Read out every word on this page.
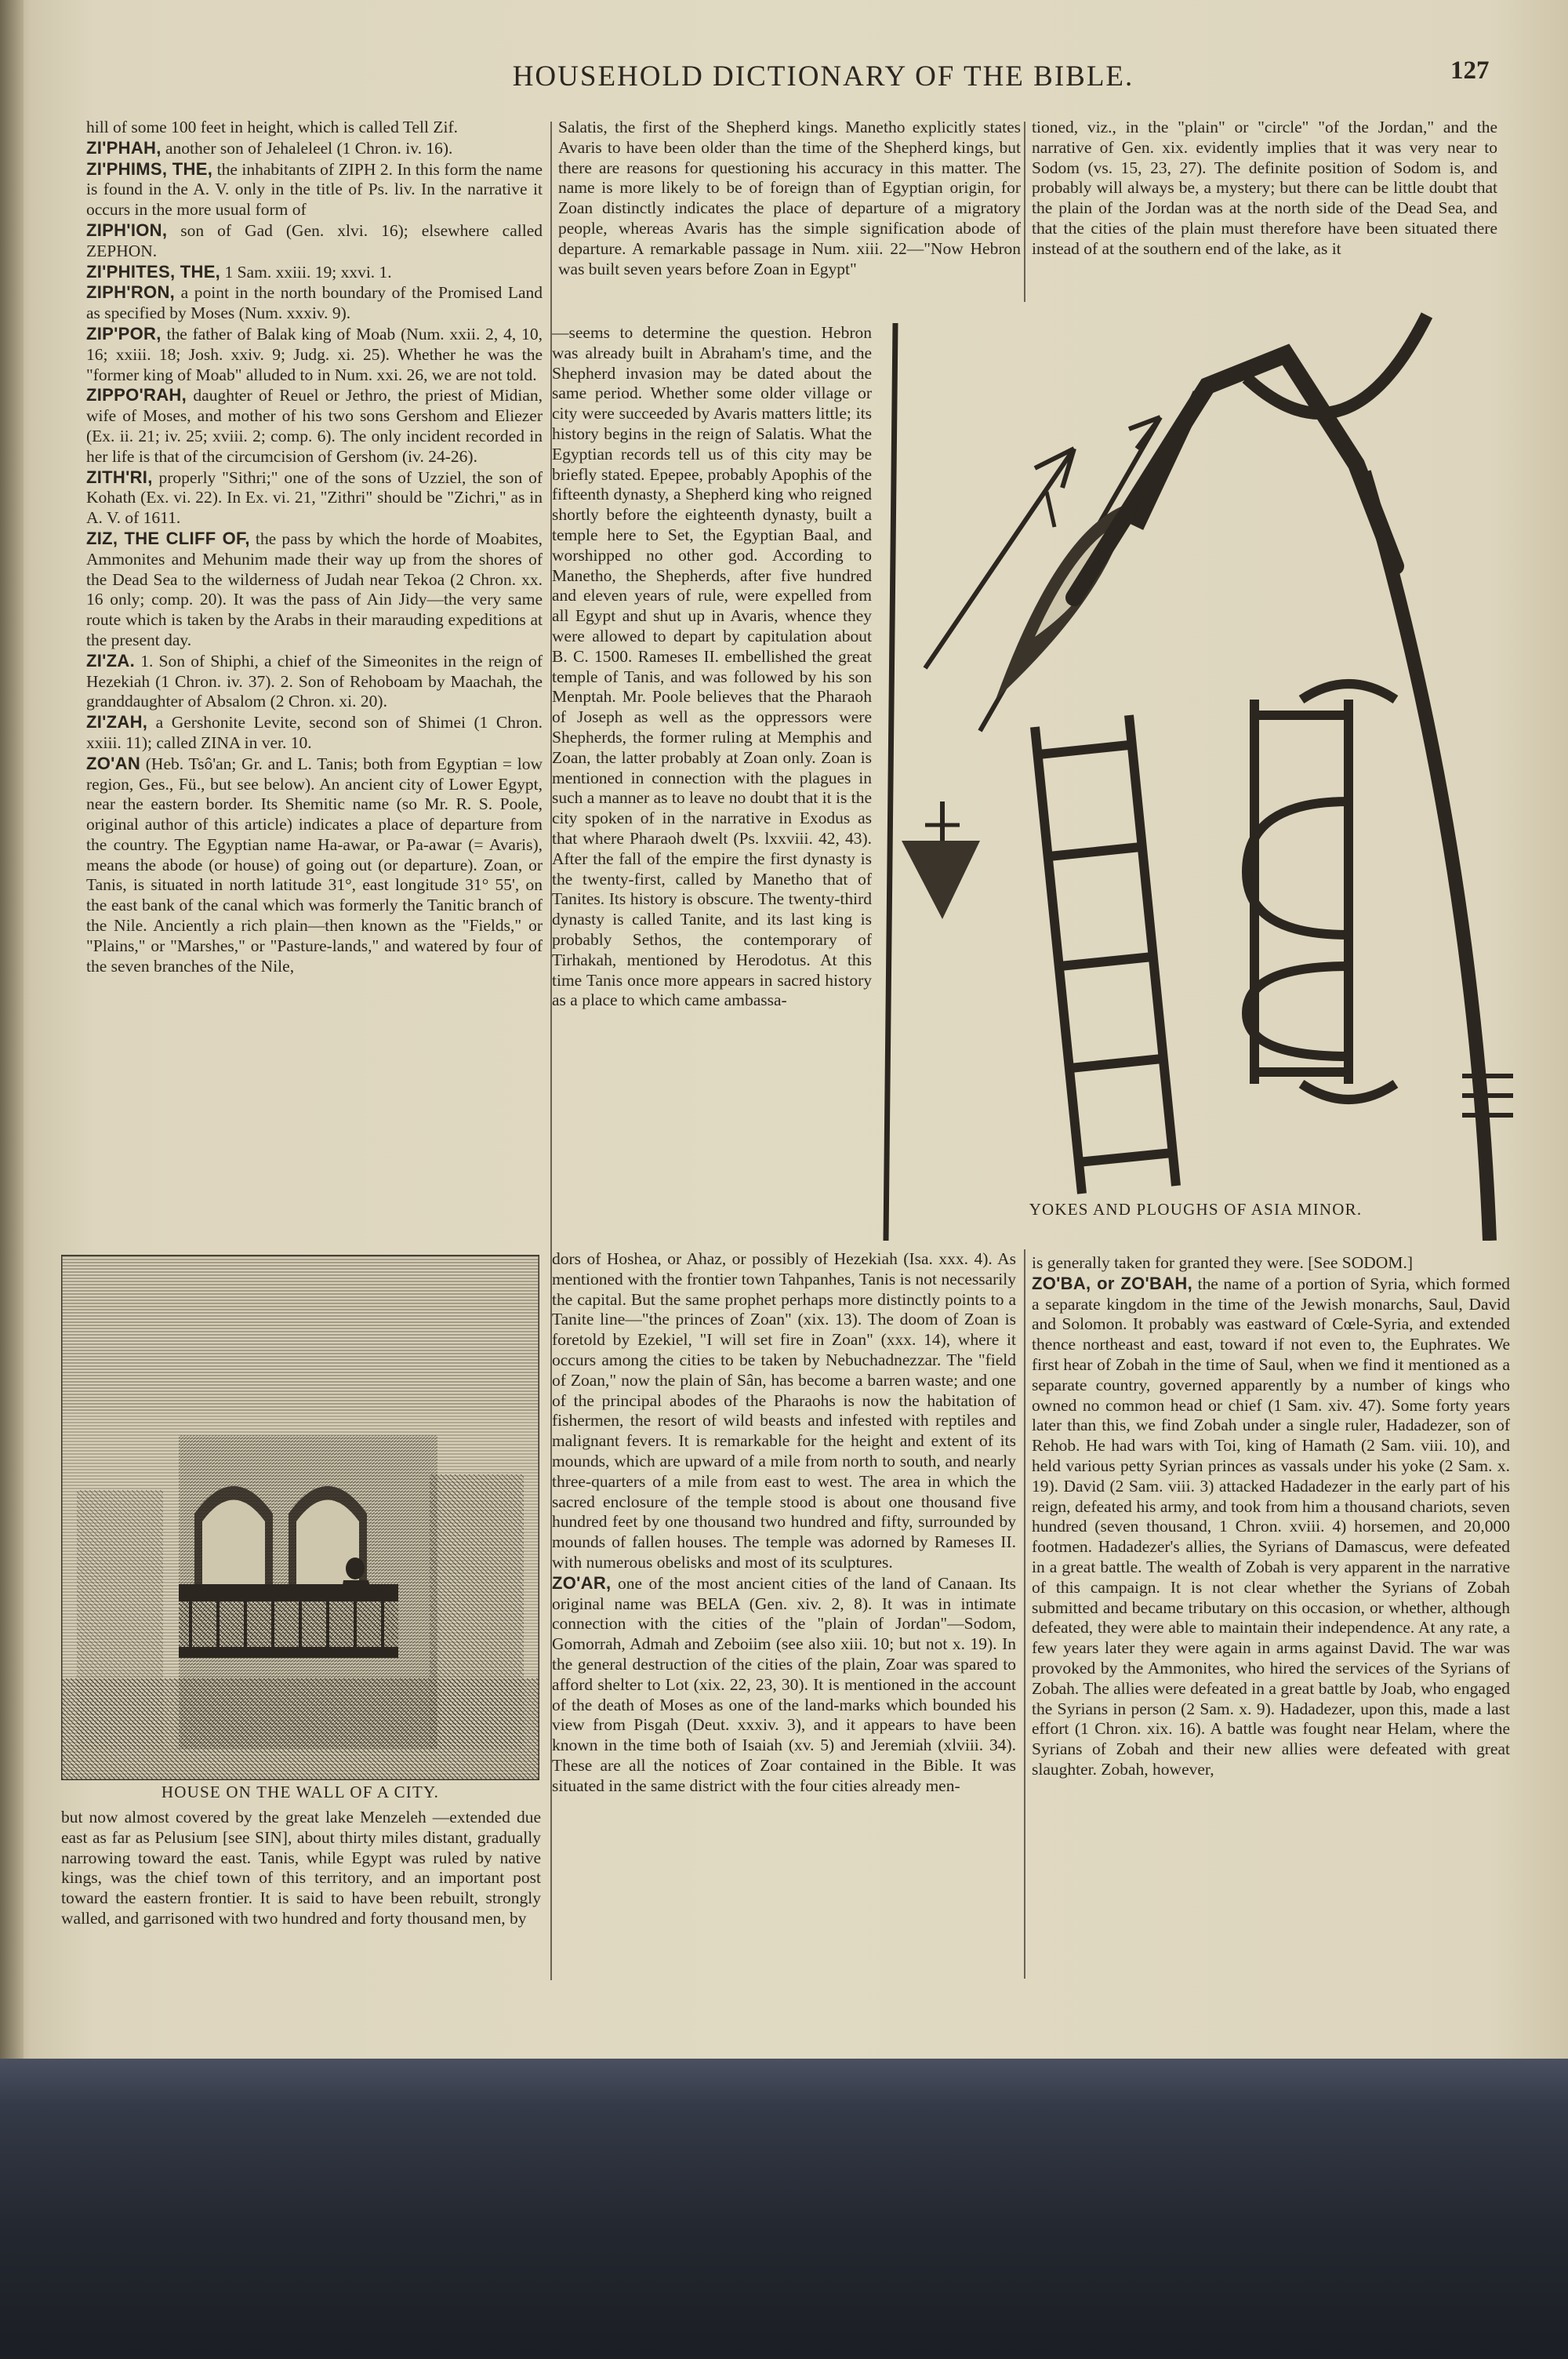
HOUSEHOLD DICTIONARY OF THE BIBLE.	127

hill of some 100 feet in height, which is called Tell Zif.

ZI'PHAH, another son of Jehaleleel (1 Chron. iv. 16).

ZI'PHIMS, THE, the inhabitants of ZIPH 2. In this form the name is found in the A. V. only in the title of Ps. liv. In the narrative it occurs in the more usual form of

ZIPH'ION, son of Gad (Gen. xlvi. 16); elsewhere called ZEPHON.

ZI'PHITES, THE, 1 Sam. xxiii. 19; xxvi. 1.

ZIPH'RON, a point in the north boundary of the Promised Land as specified by Moses (Num. xxxiv. 9).

ZIP'POR, the father of Balak king of Moab (Num. xxii. 2, 4, 10, 16; xxiii. 18; Josh. xxiv. 9; Judg. xi. 25). Whether he was the "former king of Moab" alluded to in Num. xxi. 26, we are not told.

ZIPPO'RAH, daughter of Reuel or Jethro, the priest of Midian, wife of Moses, and mother of his two sons Gershom and Eliezer (Ex. ii. 21; iv. 25; xviii. 2; comp. 6). The only incident recorded in her life is that of the circumcision of Gershom (iv. 24-26).

ZITH'RI, properly "Sithri;" one of the sons of Uzziel, the son of Kohath (Ex. vi. 22). In Ex. vi. 21, "Zithri" should be "Zichri," as in A. V. of 1611.

ZIZ, THE CLIFF OF, the pass by which the horde of Moabites, Ammonites and Mehunim made their way up from the shores of the Dead Sea to the wilderness of Judah near Tekoa (2 Chron. xx. 16 only; comp. 20). It was the pass of Ain Jidy—the very same route which is taken by the Arabs in their marauding expeditions at the present day.

ZI'ZA. 1. Son of Shiphi, a chief of the Simeonites in the reign of Hezekiah (1 Chron. iv. 37). 2. Son of Rehoboam by Maachah, the granddaughter of Absalom (2 Chron. xi. 20).

ZI'ZAH, a Gershonite Levite, second son of Shimei (1 Chron. xxiii. 11); called ZINA in ver. 10.

ZO'AN (Heb. Tsô'an; Gr. and L. Tanis; both from Egyptian = low region, Ges., Fü., but see below). An ancient city of Lower Egypt, near the eastern border. Its Shemitic name (so Mr. R. S. Poole, original author of this article) indicates a place of departure from the country. The Egyptian name Ha-awar, or Pa-awar (= Avaris), means the abode (or house) of going out (or departure). Zoan, or Tanis, is situated in north latitude 31°, east longitude 31° 55', on the east bank of the canal which was formerly the Tanitic branch of the Nile. Anciently a rich plain—then known as the "Fields," or "Plains," or "Marshes," or "Pasture-lands," and watered by four of the seven branches of the Nile,

HOUSE ON THE WALL OF A CITY.

but now almost covered by the great lake Menzeleh —extended due east as far as Pelusium [see SIN], about thirty miles distant, gradually narrowing toward the east. Tanis, while Egypt was ruled by native kings, was the chief town of this territory, and an important post toward the eastern frontier. It is said to have been rebuilt, strongly walled, and garrisoned with two hundred and forty thousand men, by

Salatis, the first of the Shepherd kings. Manetho explicitly states Avaris to have been older than the time of the Shepherd kings, but there are reasons for questioning his accuracy in this matter. The name is more likely to be of foreign than of Egyptian origin, for Zoan distinctly indicates the place of departure of a migratory people, whereas Avaris has the simple signification abode of departure. A remarkable passage in Num. xiii. 22—"Now Hebron was built seven years before Zoan in Egypt"

—seems to determine the question. Hebron was already built in Abraham's time, and the Shepherd invasion may be dated about the same period. Whether some older village or city were succeeded by Avaris matters little; its history begins in the reign of Salatis. What the Egyptian records tell us of this city may be briefly stated. Epepee, probably Apophis of the fifteenth dynasty, a Shepherd king who reigned shortly before the eighteenth dynasty, built a temple here to Set, the Egyptian Baal, and worshipped no other god. According to Manetho, the Shepherds, after five hundred and eleven years of rule, were expelled from all Egypt and shut up in Avaris, whence they were allowed to depart by capitulation about B. C. 1500. Rameses II. embellished the great temple of Tanis, and was followed by his son Menptah. Mr. Poole believes that the Pharaoh of Joseph as well as the oppressors were Shepherds, the former ruling at Memphis and Zoan, the latter probably at Zoan only. Zoan is mentioned in connection with the plagues in such a manner as to leave no doubt that it is the city spoken of in the narrative in Exodus as that where Pharaoh dwelt (Ps. lxxviii. 42, 43). After the fall of the empire the first dynasty is the twenty-first, called by Manetho that of Tanites. Its history is obscure. The twenty-third dynasty is called Tanite, and its last king is probably Sethos, the contemporary of Tirhakah, mentioned by Herodotus. At this time Tanis once more appears in sacred history as a place to which came ambassa-

YOKES AND PLOUGHS OF ASIA MINOR.

dors of Hoshea, or Ahaz, or possibly of Hezekiah (Isa. xxx. 4). As mentioned with the frontier town Tahpanhes, Tanis is not necessarily the capital. But the same prophet perhaps more distinctly points to a Tanite line—"the princes of Zoan" (xix. 13). The doom of Zoan is foretold by Ezekiel, "I will set fire in Zoan" (xxx. 14), where it occurs among the cities to be taken by Nebuchadnezzar. The "field of Zoan," now the plain of Sân, has become a barren waste; and one of the principal abodes of the Pharaohs is now the habitation of fishermen, the resort of wild beasts and infested with reptiles and malignant fevers. It is remarkable for the height and extent of its mounds, which are upward of a mile from north to south, and nearly three-quarters of a mile from east to west. The area in which the sacred enclosure of the temple stood is about one thousand five hundred feet by one thousand two hundred and fifty, surrounded by mounds of fallen houses. The temple was adorned by Rameses II. with numerous obelisks and most of its sculptures.

ZO'AR, one of the most ancient cities of the land of Canaan. Its original name was BELA (Gen. xiv. 2, 8). It was in intimate connection with the cities of the "plain of Jordan"—Sodom, Gomorrah, Admah and Zeboiim (see also xiii. 10; but not x. 19). In the general destruction of the cities of the plain, Zoar was spared to afford shelter to Lot (xix. 22, 23, 30). It is mentioned in the account of the death of Moses as one of the land-marks which bounded his view from Pisgah (Deut. xxxiv. 3), and it appears to have been known in the time both of Isaiah (xv. 5) and Jeremiah (xlviii. 34). These are all the notices of Zoar contained in the Bible. It was situated in the same district with the four cities already men-

tioned, viz., in the "plain" or "circle" "of the Jordan," and the narrative of Gen. xix. evidently implies that it was very near to Sodom (vs. 15, 23, 27). The definite position of Sodom is, and probably will always be, a mystery; but there can be little doubt that the plain of the Jordan was at the north side of the Dead Sea, and that the cities of the plain must therefore have been situated there instead of at the southern end of the lake, as it

is generally taken for granted they were. [See SODOM.]

ZO'BA, or ZO'BAH, the name of a portion of Syria, which formed a separate kingdom in the time of the Jewish monarchs, Saul, David and Solomon. It probably was eastward of Cœle-Syria, and extended thence northeast and east, toward if not even to, the Euphrates. We first hear of Zobah in the time of Saul, when we find it mentioned as a separate country, governed apparently by a number of kings who owned no common head or chief (1 Sam. xiv. 47). Some forty years later than this, we find Zobah under a single ruler, Hadadezer, son of Rehob. He had wars with Toi, king of Hamath (2 Sam. viii. 10), and held various petty Syrian princes as vassals under his yoke (2 Sam. x. 19). David (2 Sam. viii. 3) attacked Hadadezer in the early part of his reign, defeated his army, and took from him a thousand chariots, seven hundred (seven thousand, 1 Chron. xviii. 4) horsemen, and 20,000 footmen. Hadadezer's allies, the Syrians of Damascus, were defeated in a great battle. The wealth of Zobah is very apparent in the narrative of this campaign. It is not clear whether the Syrians of Zobah submitted and became tributary on this occasion, or whether, although defeated, they were able to maintain their independence. At any rate, a few years later they were again in arms against David. The war was provoked by the Ammonites, who hired the services of the Syrians of Zobah. The allies were defeated in a great battle by Joab, who engaged the Syrians in person (2 Sam. x. 9). Hadadezer, upon this, made a last effort (1 Chron. xix. 16). A battle was fought near Helam, where the Syrians of Zobah and their new allies were defeated with great slaughter. Zobah, however,
